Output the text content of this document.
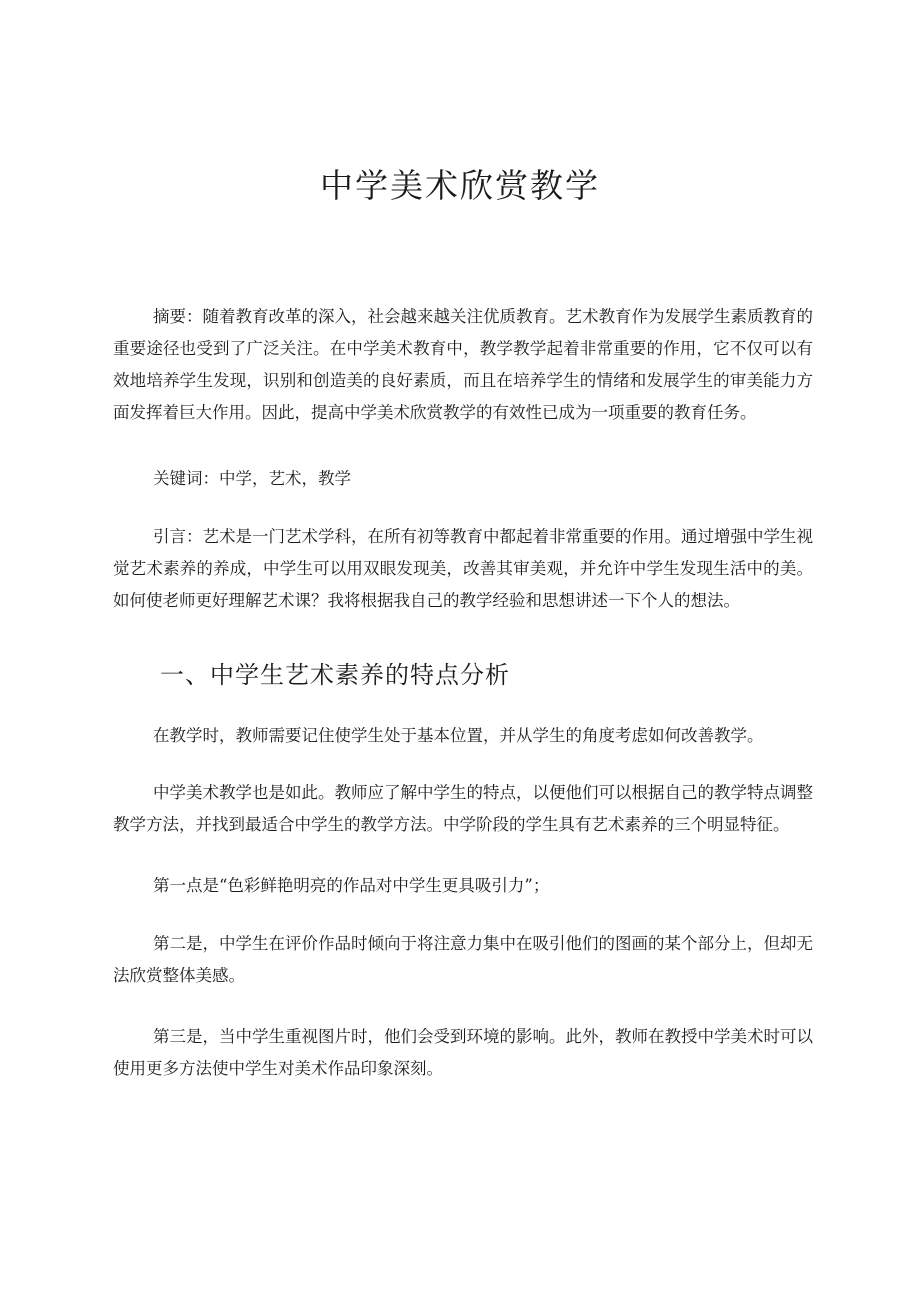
中学美术欣赏教学
摘要：随着教育改革的深入，社会越来越关注优质教育。艺术教育作为发展学生素质教育的重要途径也受到了广泛关注。在中学美术教育中，教学教学起着非常重要的作用，它不仅可以有效地培养学生发现，识别和创造美的良好素质，而且在培养学生的情绪和发展学生的审美能力方面发挥着巨大作用。因此，提高中学美术欣赏教学的有效性已成为一项重要的教育任务。
关键词：中学，艺术，教学
引言：艺术是一门艺术学科，在所有初等教育中都起着非常重要的作用。通过增强中学生视觉艺术素养的养成，中学生可以用双眼发现美，改善其审美观，并允许中学生发现生活中的美。如何使老师更好理解艺术课？我将根据我自己的教学经验和思想讲述一下个人的想法。
一、中学生艺术素养的特点分析
在教学时，教师需要记住使学生处于基本位置，并从学生的角度考虑如何改善教学。
中学美术教学也是如此。教师应了解中学生的特点，以便他们可以根据自己的教学特点调整教学方法，并找到最适合中学生的教学方法。中学阶段的学生具有艺术素养的三个明显特征。
第一点是“色彩鲜艳明亮的作品对中学生更具吸引力”；
第二是，中学生在评价作品时倾向于将注意力集中在吸引他们的图画的某个部分上，但却无法欣赏整体美感。
第三是，当中学生重视图片时，他们会受到环境的影响。此外，教师在教授中学美术时可以使用更多方法使中学生对美术作品印象深刻。
